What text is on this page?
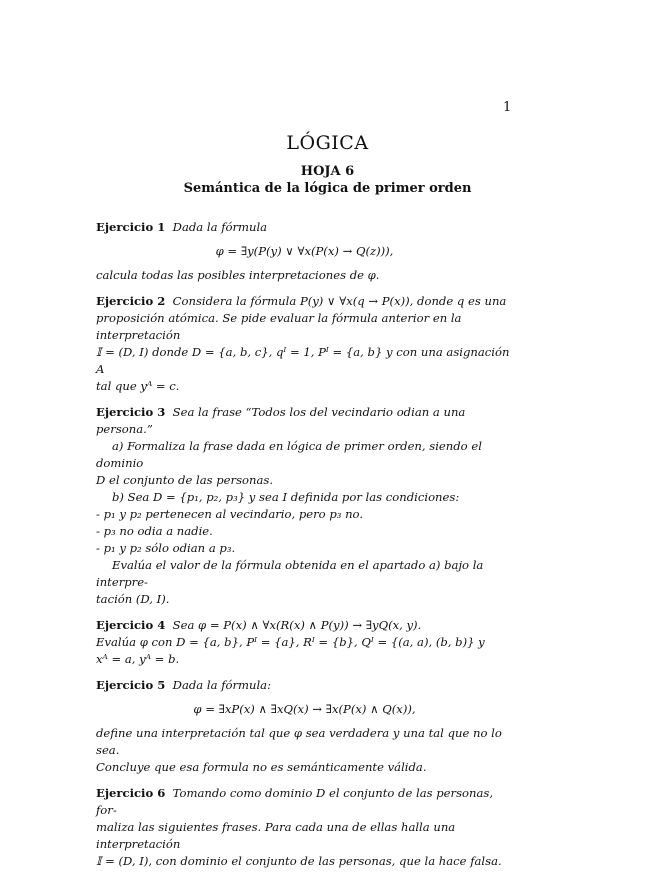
1
LÓGICA
HOJA 6
Semántica de la lógica de primer orden
Ejercicio 1 Dada la fórmula
φ = ∃y(P(y) ∨ ∀x(P(x) → Q(z))),
calcula todas las posibles interpretaciones de φ.
Ejercicio 2 Considera la fórmula P(y) ∨ ∀x(q → P(x)), donde q es una
proposición atómica. Se pide evaluar la fórmula anterior en la interpretación
𝕀 = (D, I) donde D = {a, b, c}, qᴵ = 1, Pᴵ = {a, b} y con una asignación A
tal que yᴬ = c.
Ejercicio 3 Sea la frase “Todos los del vecindario odian a una persona.”
a) Formaliza la frase dada en lógica de primer orden, siendo el dominio
D el conjunto de las personas.
b) Sea D = {p₁, p₂, p₃} y sea I definida por las condiciones:
- p₁ y p₂ pertenecen al vecindario, pero p₃ no.
- p₃ no odia a nadie.
- p₁ y p₂ sólo odian a p₃.
Evalúa el valor de la fórmula obtenida en el apartado a) bajo la interpre-
tación (D, I).
Ejercicio 4 Sea φ = P(x) ∧ ∀x(R(x) ∧ P(y)) → ∃yQ(x, y).
Evalúa φ con D = {a, b}, Pᴵ = {a}, Rᴵ = {b}, Qᴵ = {(a, a), (b, b)} y
xᴬ = a, yᴬ = b.
Ejercicio 5 Dada la fórmula:
φ = ∃xP(x) ∧ ∃xQ(x) → ∃x(P(x) ∧ Q(x)),
define una interpretación tal que φ sea verdadera y una tal que no lo sea.
Concluye que esa formula no es semánticamente válida.
Ejercicio 6 Tomando como dominio D el conjunto de las personas, for-
maliza las siguientes frases. Para cada una de ellas halla una interpretación
𝕀 = (D, I), con dominio el conjunto de las personas, que la hace falsa.
